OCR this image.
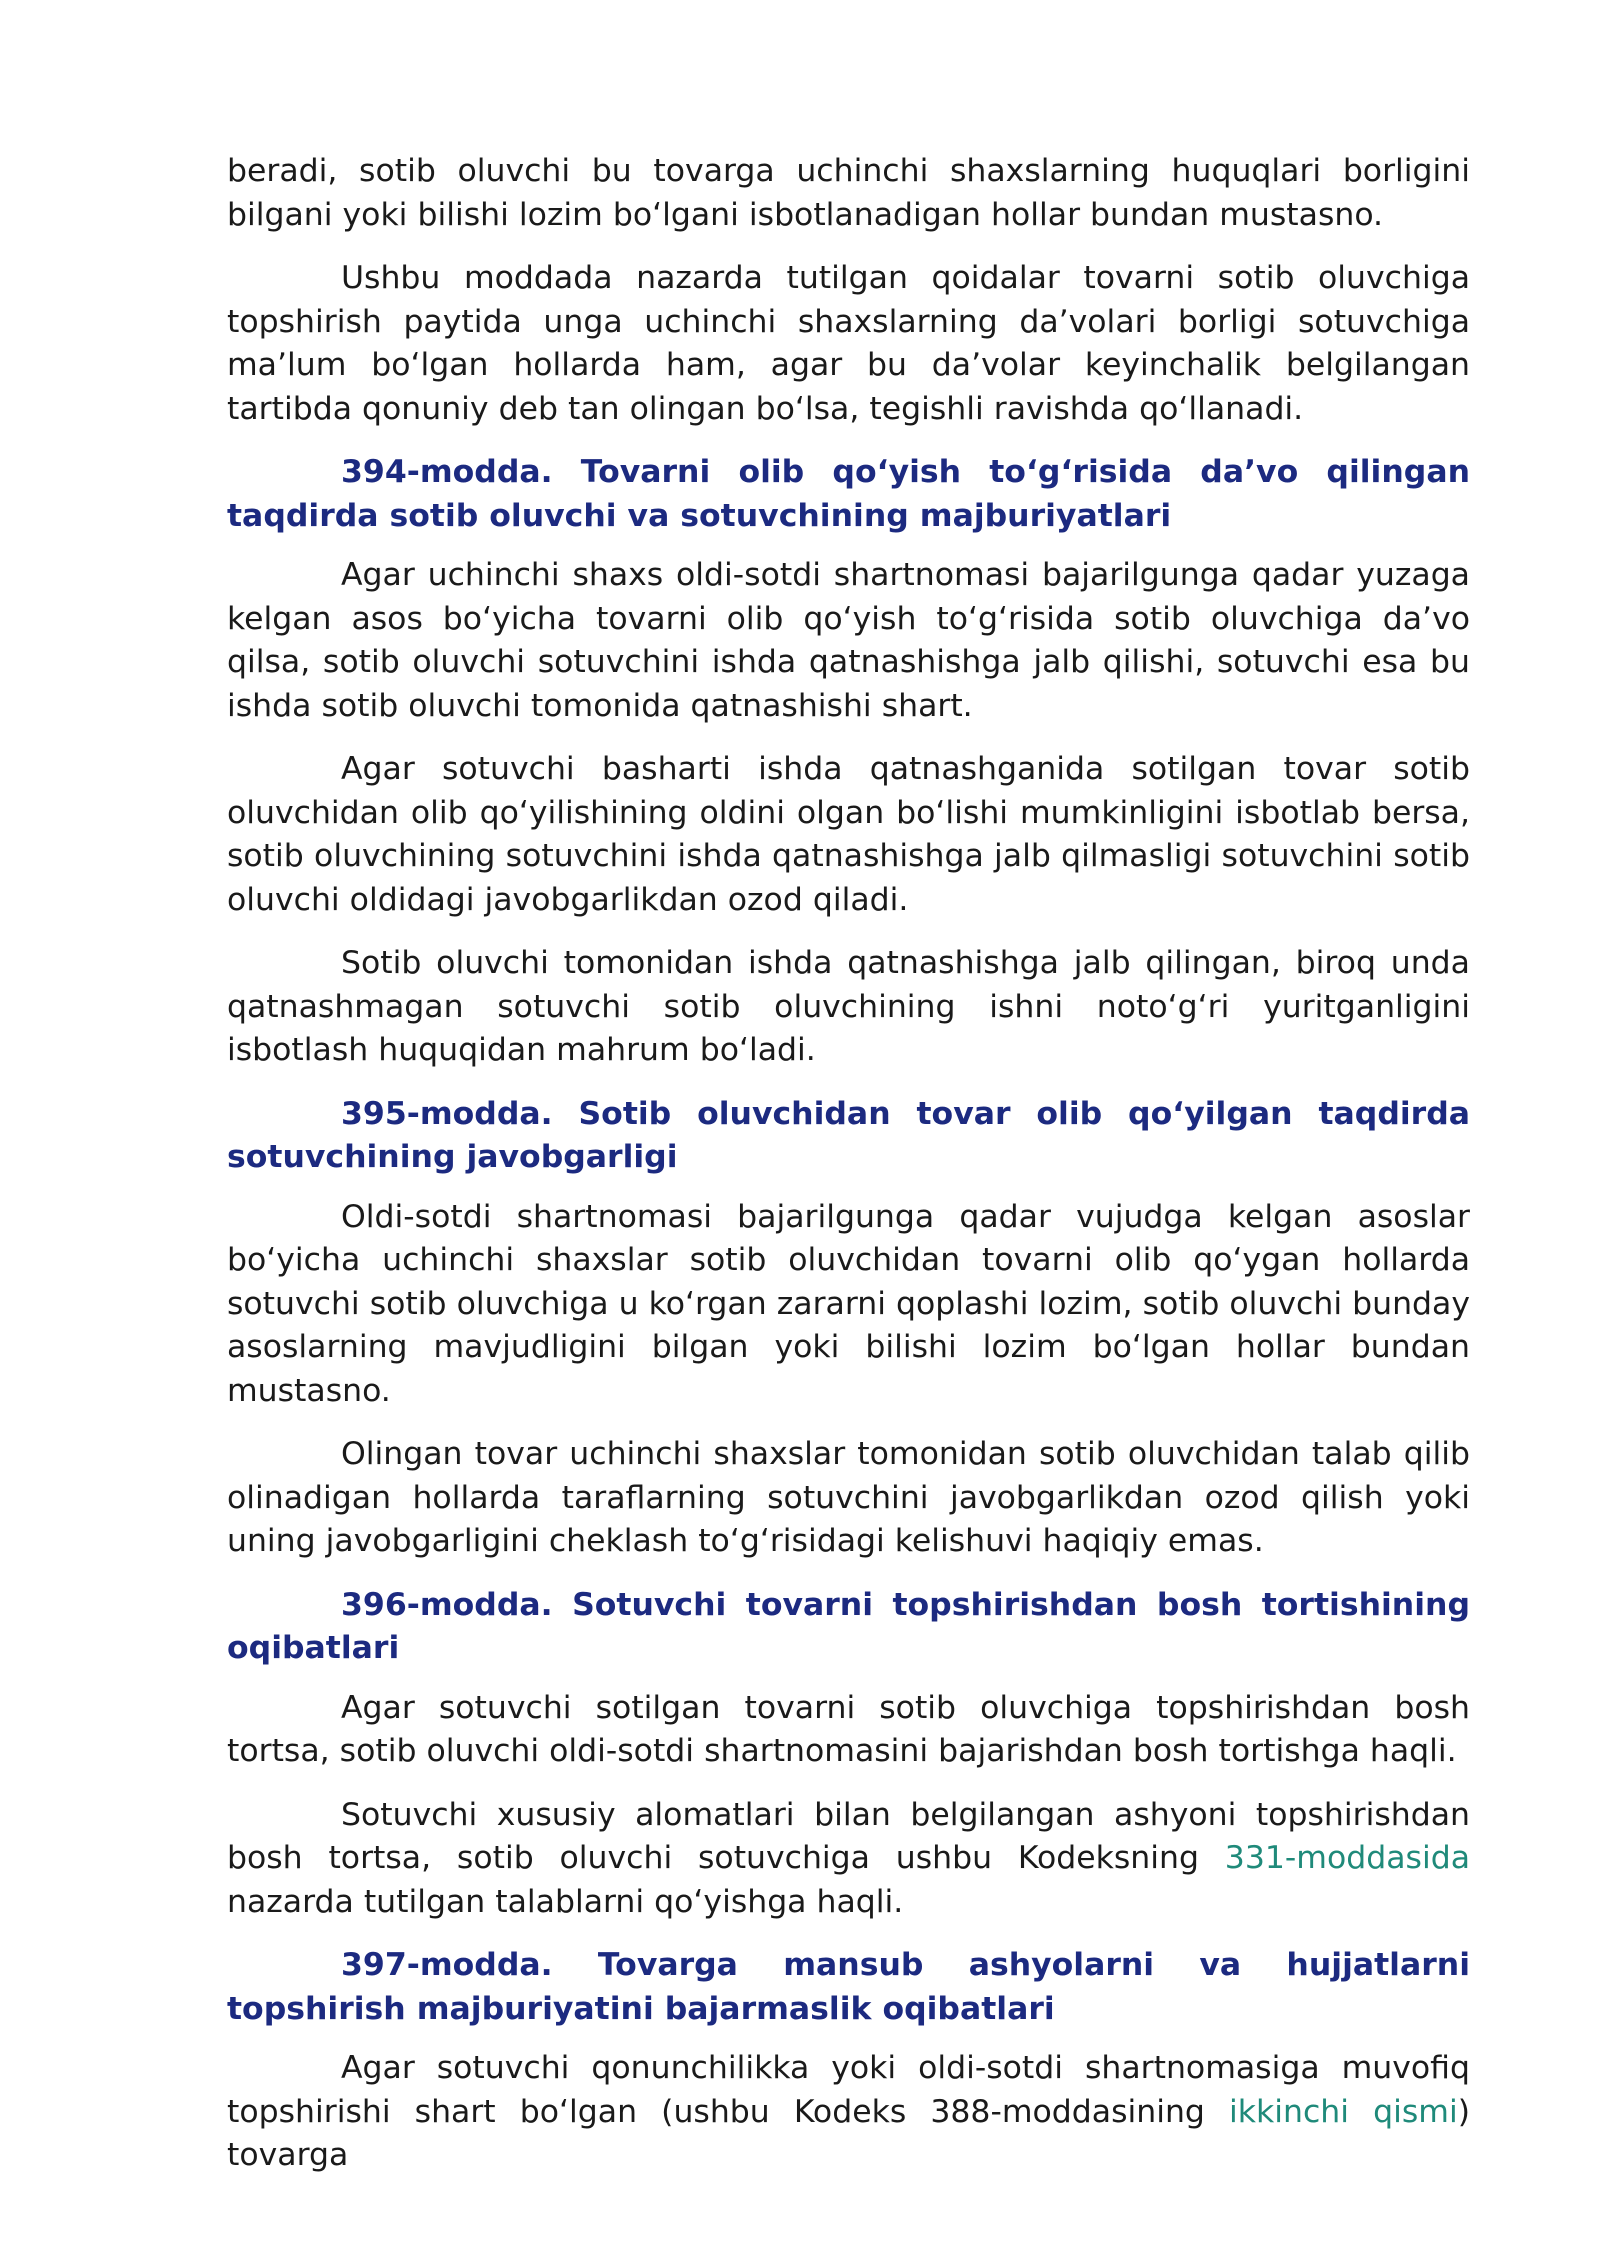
beradi, sotib oluvchi bu tovarga uchinchi shaxslarning huquqlari borligini bilgani yoki bilishi lozim boʻlgani isbotlanadigan hollar bundan mustasno.

Ushbu moddada nazarda tutilgan qoidalar tovarni sotib oluvchiga topshirish paytida unga uchinchi shaxslarning daʼvolari borligi sotuvchiga maʼlum boʻlgan hollarda ham, agar bu daʼvolar keyinchalik belgilangan tartibda qonuniy deb tan olingan boʻlsa, tegishli ravishda qoʻllanadi.

394-modda. Tovarni olib qoʻyish toʻgʻrisida daʼvo qilingan taqdirda sotib oluvchi va sotuvchining majburiyatlari

Agar uchinchi shaxs oldi-sotdi shartnomasi bajarilgunga qadar yuzaga kelgan asos boʻyicha tovarni olib qoʻyish toʻgʻrisida sotib oluvchiga daʼvo qilsa, sotib oluvchi sotuvchini ishda qatnashishga jalb qilishi, sotuvchi esa bu ishda sotib oluvchi tomonida qatnashishi shart.

Agar sotuvchi basharti ishda qatnashganida sotilgan tovar sotib oluvchidan olib qoʻyilishining oldini olgan boʻlishi mumkinligini isbotlab bersa, sotib oluvchining sotuvchini ishda qatnashishga jalb qilmasligi sotuvchini sotib oluvchi oldidagi javobgarlikdan ozod qiladi.

Sotib oluvchi tomonidan ishda qatnashishga jalb qilingan, biroq unda qatnashmagan sotuvchi sotib oluvchining ishni notoʻgʻri yuritganligini isbotlash huquqidan mahrum boʻladi.

395-modda. Sotib oluvchidan tovar olib qoʻyilgan taqdirda sotuvchining javobgarligi

Oldi-sotdi shartnomasi bajarilgunga qadar vujudga kelgan asoslar boʻyicha uchinchi shaxslar sotib oluvchidan tovarni olib qoʻygan hollarda sotuvchi sotib oluvchiga u koʻrgan zararni qoplashi lozim, sotib oluvchi bunday asoslarning mavjudligini bilgan yoki bilishi lozim boʻlgan hollar bundan mustasno.

Olingan tovar uchinchi shaxslar tomonidan sotib oluvchidan talab qilib olinadigan hollarda taraflarning sotuvchini javobgarlikdan ozod qilish yoki uning javobgarligini cheklash toʻgʻrisidagi kelishuvi haqiqiy emas.

396-modda. Sotuvchi tovarni topshirishdan bosh tortishining oqibatlari

Agar sotuvchi sotilgan tovarni sotib oluvchiga topshirishdan bosh tortsa, sotib oluvchi oldi-sotdi shartnomasini bajarishdan bosh tortishga haqli.

Sotuvchi xususiy alomatlari bilan belgilangan ashyoni topshirishdan bosh tortsa, sotib oluvchi sotuvchiga ushbu Kodeksning 331-moddasida nazarda tutilgan talablarni qoʻyishga haqli.

397-modda. Tovarga mansub ashyolarni va hujjatlarni topshirish majburiyatini bajarmaslik oqibatlari

Agar sotuvchi qonunchilikka yoki oldi-sotdi shartnomasiga muvofiq topshirishi shart boʻlgan (ushbu Kodeks 388-moddasining ikkinchi qismi) tovarga
